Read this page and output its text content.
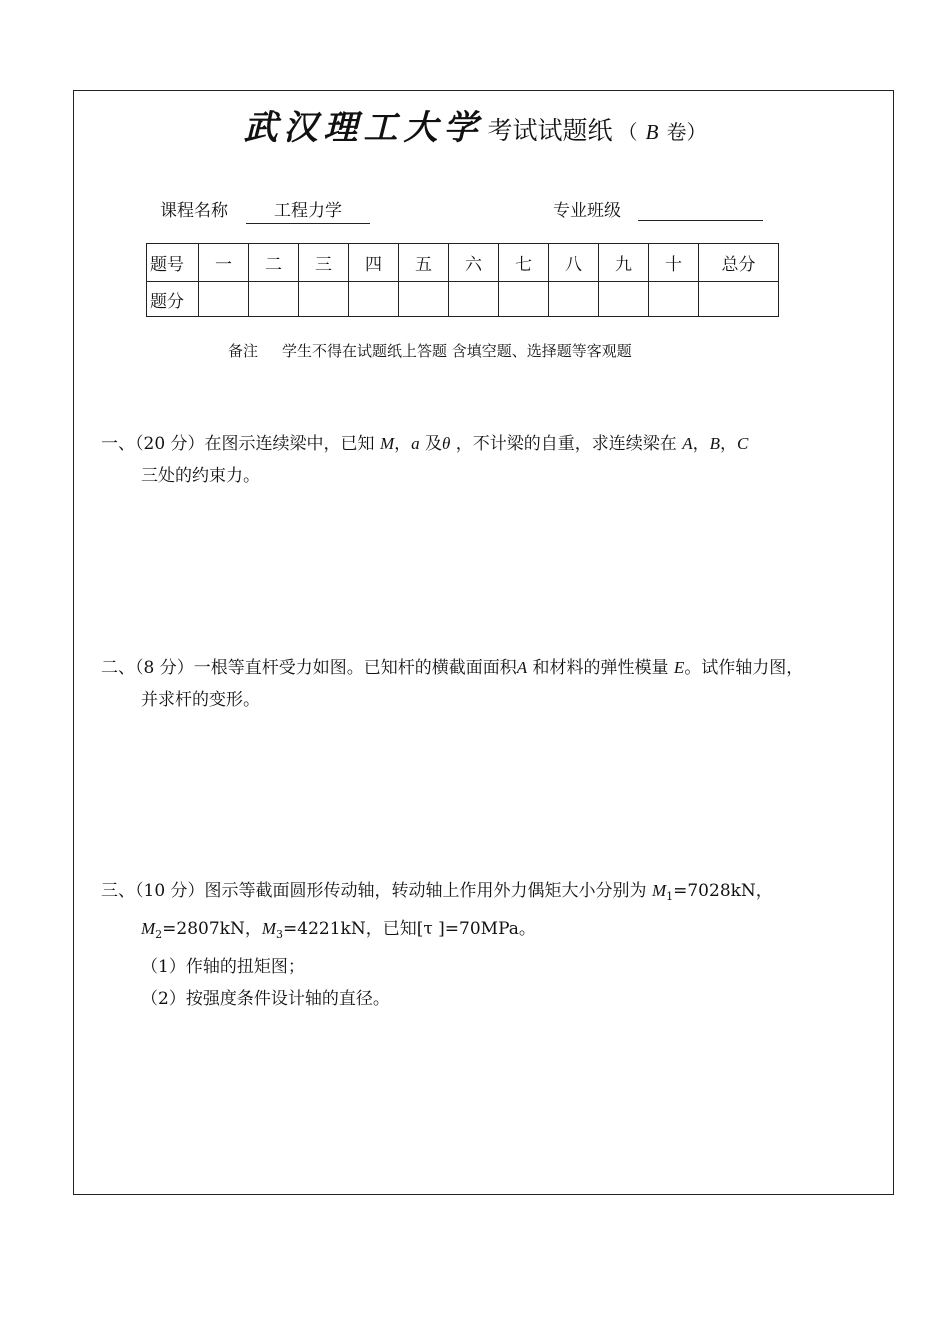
武汉理工大学 考试试题纸 （ B 卷）
课程名称	工程力学	专业班级
题号	一	二	三	四	五	六	七	八	九	十	总分
题分											
备注 学生不得在试题纸上答题 含填空题、选择题等客观题
一、（20 分）在图示连续梁中，已知 M，a 及θ ，不计梁的自重，求连续梁在 A，B，C
三处的约束力。
二、（8 分）一根等直杆受力如图。已知杆的横截面面积A 和材料的弹性模量 E。试作轴力图，
并求杆的变形。
三、（10 分）图示等截面圆形传动轴，转动轴上作用外力偶矩大小分别为 $M_1=7028kN$，
$M_2=2807kN$，$M_3=4221kN$，已知[τ ]=70MPa。
（1）作轴的扭矩图；
（2）按强度条件设计轴的直径。
